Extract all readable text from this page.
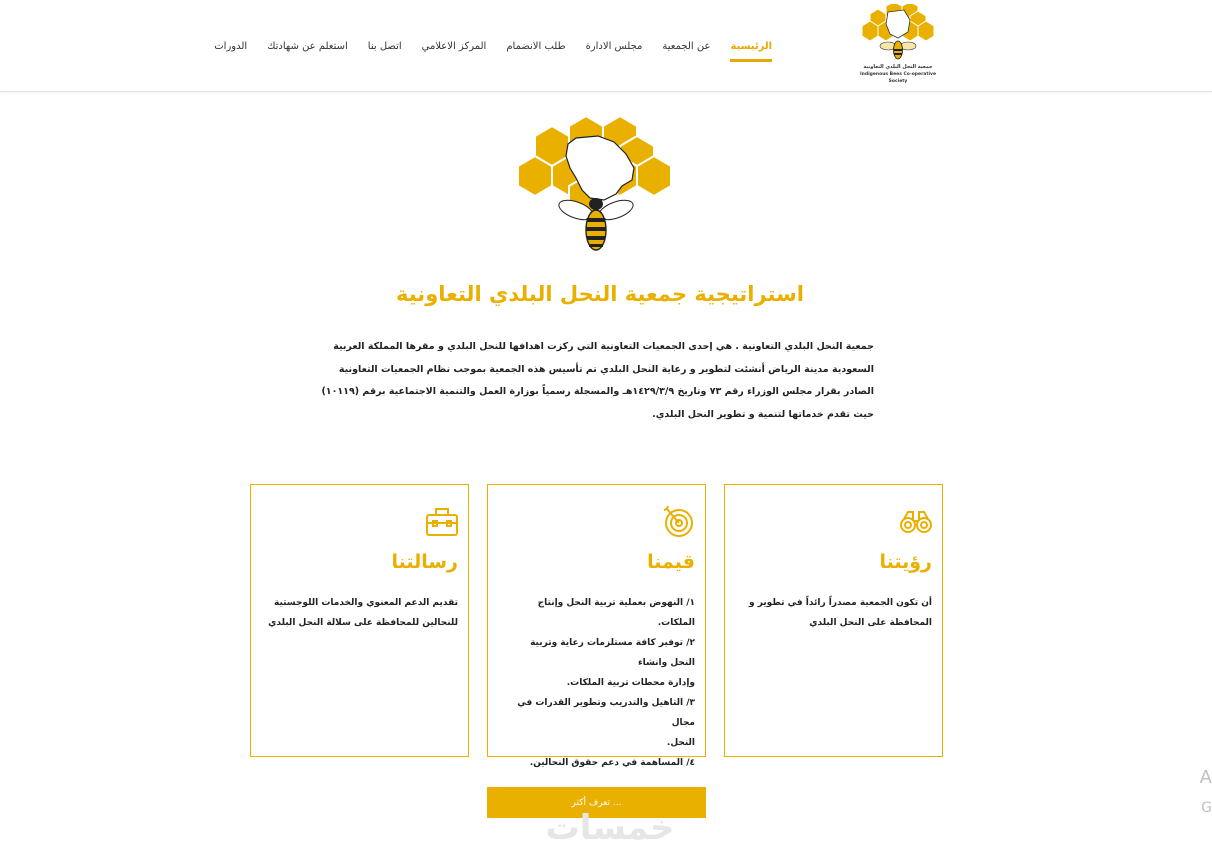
الرئيسية
عن الجمعية
مجلس الادارة
طلب الانضمام
المركز الاعلامي
اتصل بنا
استعلم عن شهادتك
الدورات
جمعية النحل البلدي التعاونية
Indigenous Bees Co-operative Society
استراتيجية جمعية النحل البلدي التعاونية

جمعية النحل البلدي التعاونية . هي إحدى الجمعيات التعاونية التي ركزت اهدافها للنحل البلدي و مقرها المملكة العربية السعودية مدينة الرياض أنشئت لتطوير و رعاية النحل البلدي تم تأسيس هذه الجمعية بموجب نظام الجمعيات التعاونية الصادر بقرار مجلس الوزراء رقم ٧٣ وتاريخ ١٤٢٩/٣/٩هـ والمسجلة رسمياً بوزارة العمل والتنمية الاجتماعية برقم (١٠١١٩) حيث تقدم خدماتها لتنمية و تطوير النحل البلدي.

رؤيتنا
أن تكون الجمعية مصدراً رائداً في تطوير و
المحافظة على النحل البلدي
قيمنا
١/ النهوض بعملية تربية النحل وإنتاج الملكات.
٢/ توفير كافة مستلزمات رعاية وتربية النحل وانشاء
وإدارة محطات تربية الملكات.
٣/ التاهيل والتدريب وتطوير القدرات في مجال
النحل.
٤/ المساهمة في دعم حقوق النحالين.
رسالتنا
تقديم الدعم المعنوي والخدمات اللوجستية
للنحالين للمحافظة على سلالة النحل البلدي
تعرف أكثر ...
خمسات
A
G
